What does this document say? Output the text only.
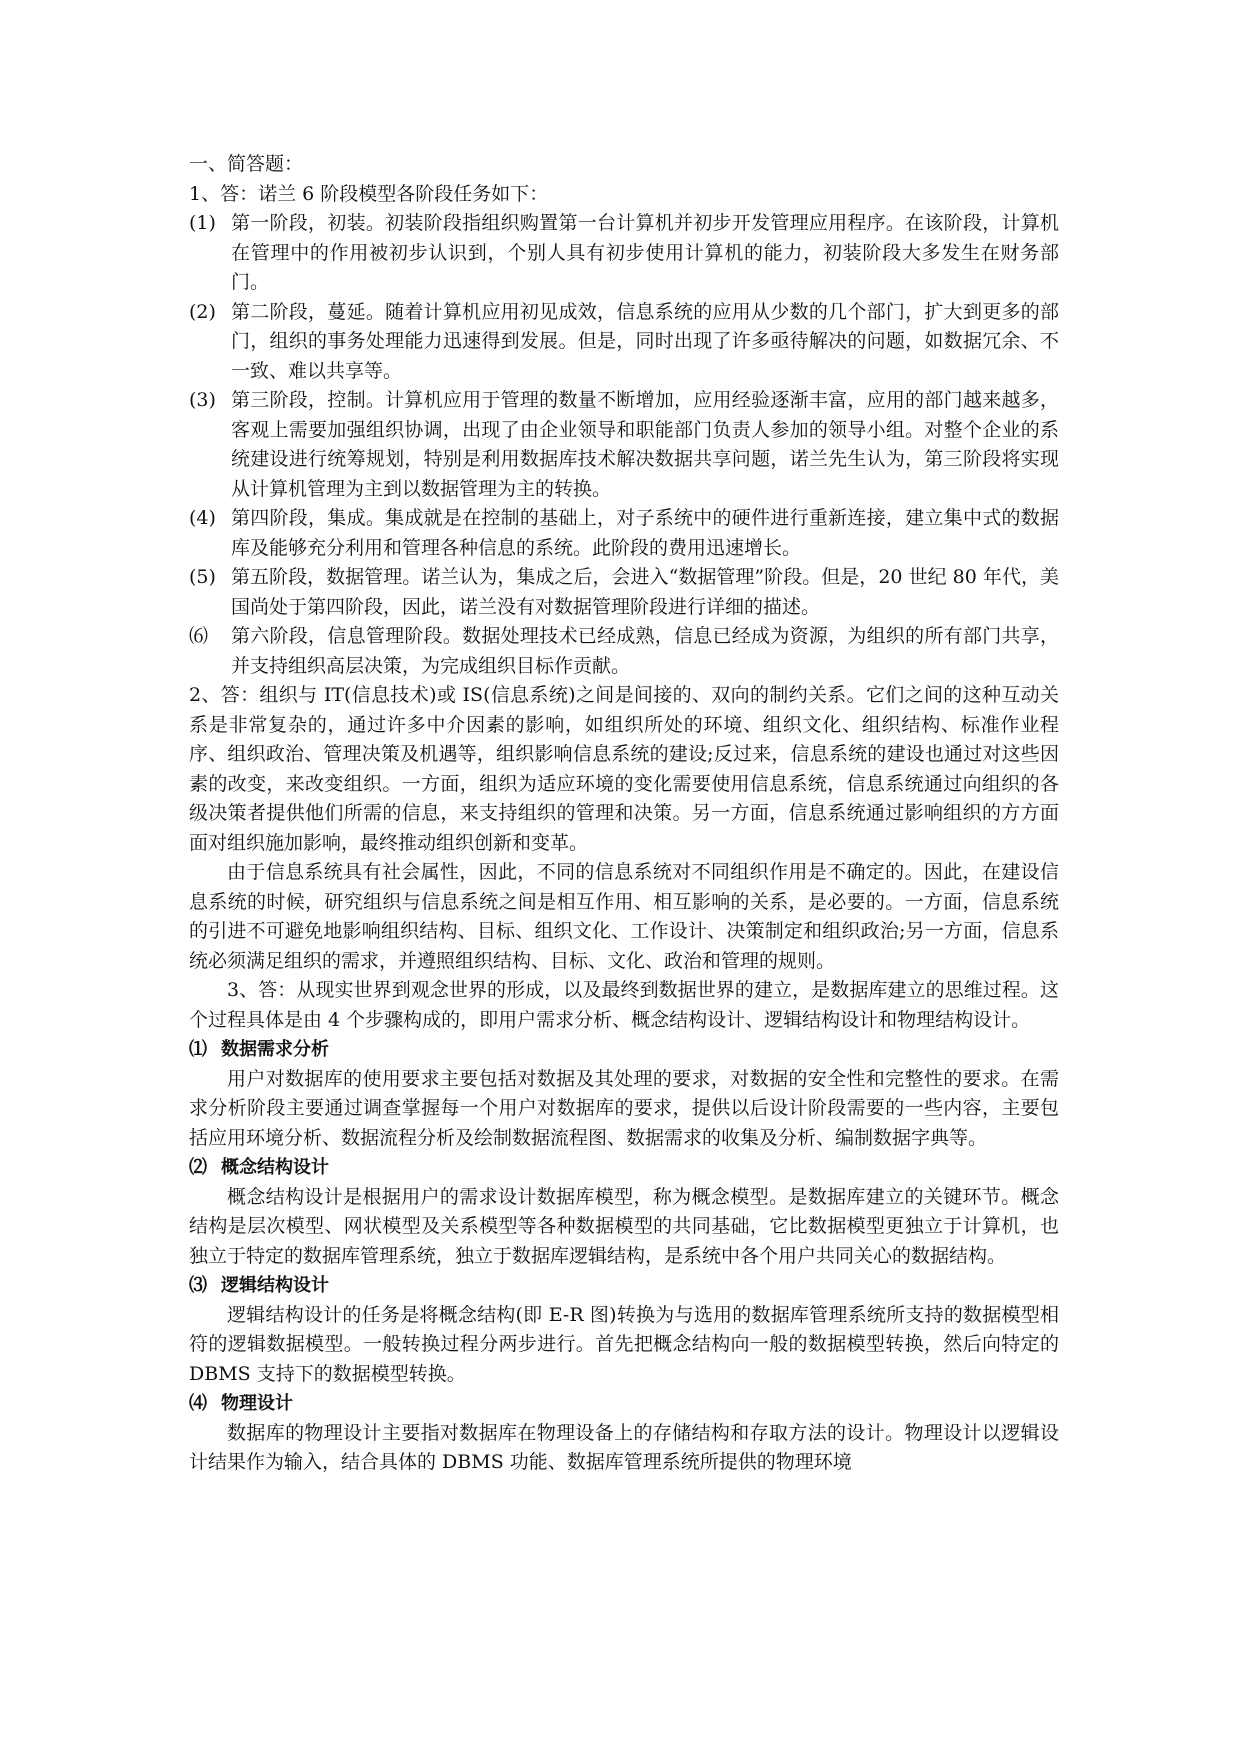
一、简答题：

1、答：诺兰 6 阶段模型各阶段任务如下：

(1) 第一阶段，初装。初装阶段指组织购置第一台计算机并初步开发管理应用程序。在该阶段，计算机在管理中的作用被初步认识到，个别人具有初步使用计算机的能力，初装阶段大多发生在财务部门。
(2) 第二阶段，蔓延。随着计算机应用初见成效，信息系统的应用从少数的几个部门，扩大到更多的部门，组织的事务处理能力迅速得到发展。但是，同时出现了许多亟待解决的问题，如数据冗余、不一致、难以共享等。
(3) 第三阶段，控制。计算机应用于管理的数量不断增加，应用经验逐渐丰富，应用的部门越来越多，客观上需要加强组织协调，出现了由企业领导和职能部门负责人参加的领导小组。对整个企业的系统建设进行统筹规划，特别是利用数据库技术解决数据共享问题，诺兰先生认为，第三阶段将实现从计算机管理为主到以数据管理为主的转换。
(4) 第四阶段，集成。集成就是在控制的基础上，对子系统中的硬件进行重新连接，建立集中式的数据库及能够充分利用和管理各种信息的系统。此阶段的费用迅速增长。
(5) 第五阶段，数据管理。诺兰认为，集成之后，会进入“数据管理”阶段。但是，20 世纪 80 年代，美国尚处于第四阶段，因此，诺兰没有对数据管理阶段进行详细的描述。
⑹	第六阶段，信息管理阶段。数据处理技术已经成熟，信息已经成为资源，为组织的所有部门共享，并支持组织高层决策，为完成组织目标作贡献。

2、答：组织与 IT(信息技术)或 IS(信息系统)之间是间接的、双向的制约关系。它们之间的这种互动关系是非常复杂的，通过许多中介因素的影响，如组织所处的环境、组织文化、组织结构、标准作业程序、组织政治、管理决策及机遇等，组织影响信息系统的建设;反过来，信息系统的建设也通过对这些因素的改变，来改变组织。一方面，组织为适应环境的变化需要使用信息系统，信息系统通过向组织的各级决策者提供他们所需的信息，来支持组织的管理和决策。另一方面，信息系统通过影响组织的方方面面对组织施加影响，最终推动组织创新和变革。

由于信息系统具有社会属性，因此，不同的信息系统对不同组织作用是不确定的。因此，在建设信息系统的时候，研究组织与信息系统之间是相互作用、相互影响的关系，是必要的。一方面，信息系统的引进不可避免地影响组织结构、目标、组织文化、工作设计、决策制定和组织政治;另一方面，信息系统必须满足组织的需求，并遵照组织结构、目标、文化、政治和管理的规则。

3、答：从现实世界到观念世界的形成，以及最终到数据世界的建立，是数据库建立的思维过程。这个过程具体是由 4 个步骤构成的，即用户需求分析、概念结构设计、逻辑结构设计和物理结构设计。

⑴ 数据需求分析

用户对数据库的使用要求主要包括对数据及其处理的要求，对数据的安全性和完整性的要求。在需求分析阶段主要通过调查掌握每一个用户对数据库的要求，提供以后设计阶段需要的一些内容，主要包括应用环境分析、数据流程分析及绘制数据流程图、数据需求的收集及分析、编制数据字典等。

⑵ 概念结构设计

概念结构设计是根据用户的需求设计数据库模型，称为概念模型。是数据库建立的关键环节。概念结构是层次模型、网状模型及关系模型等各种数据模型的共同基础，它比数据模型更独立于计算机，也独立于特定的数据库管理系统，独立于数据库逻辑结构，是系统中各个用户共同关心的数据结构。

⑶ 逻辑结构设计

逻辑结构设计的任务是将概念结构(即 E-R 图)转换为与选用的数据库管理系统所支持的数据模型相符的逻辑数据模型。一般转换过程分两步进行。首先把概念结构向一般的数据模型转换，然后向特定的 DBMS 支持下的数据模型转换。

⑷ 物理设计

数据库的物理设计主要指对数据库在物理设备上的存储结构和存取方法的设计。物理设计以逻辑设计结果作为输入，结合具体的 DBMS 功能、数据库管理系统所提供的物理环境
